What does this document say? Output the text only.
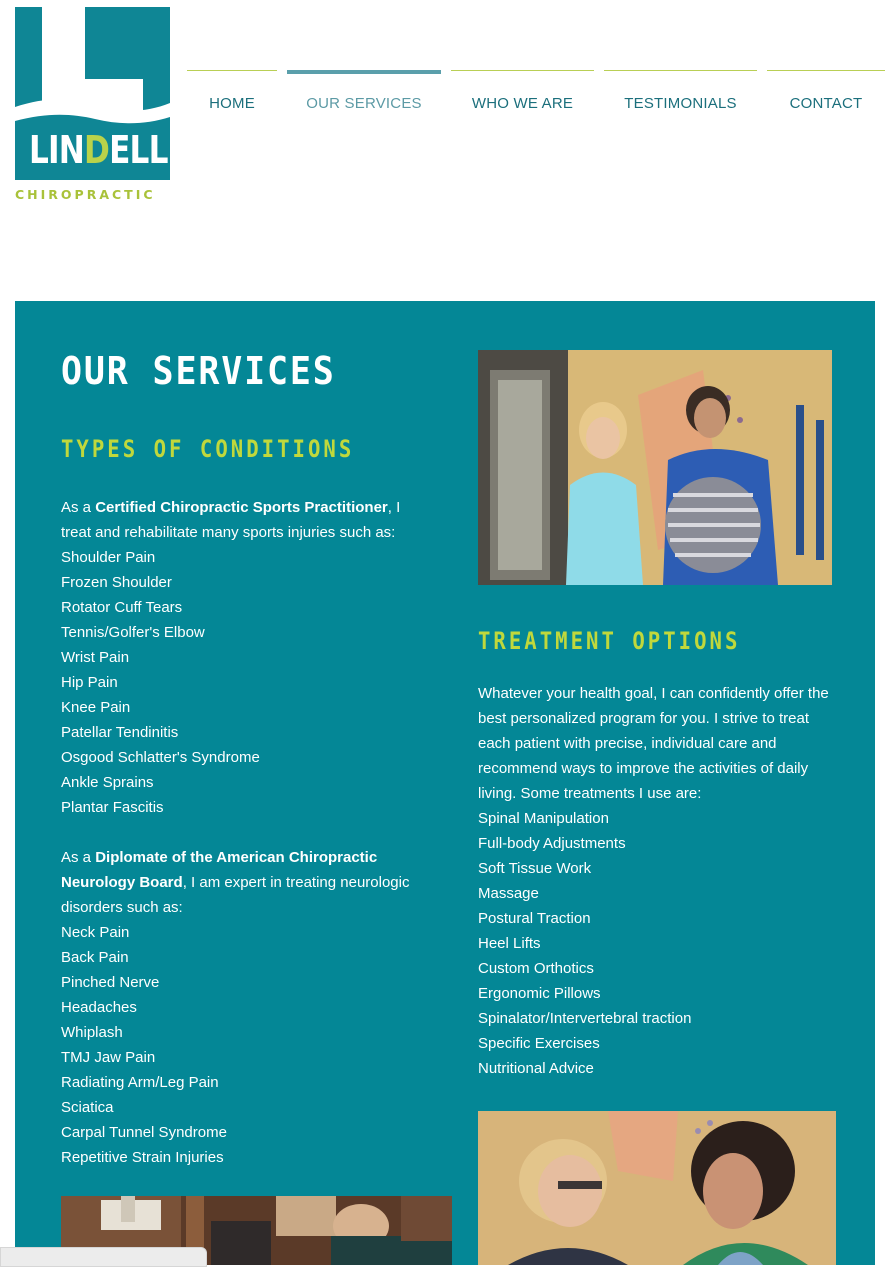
LINDELL
CHIROPRACTIC
HOME	OUR SERVICES	WHO WE ARE	TESTIMONIALS	CONTACT
OUR SERVICES
TYPES OF CONDITIONS

As a Certified Chiropractic Sports Practitioner, I treat and rehabilitate many sports injuries such as:

Shoulder Pain
Frozen Shoulder
Rotator Cuff Tears
Tennis/Golfer's Elbow
Wrist Pain
Hip Pain
Knee Pain
Patellar Tendinitis
Osgood Schlatter's Syndrome
Ankle Sprains
Plantar Fascitis

As a Diplomate of the American Chiropractic Neurology Board, I am expert in treating neurologic disorders such as:

Neck Pain
Back Pain
Pinched Nerve
Headaches
Whiplash
TMJ Jaw Pain
Radiating Arm/Leg Pain
Sciatica
Carpal Tunnel Syndrome
Repetitive Strain Injuries
TREATMENT OPTIONS

Whatever your health goal, I can confidently offer the best personalized program for you. I strive to treat each patient with precise, individual care and recommend ways to improve the activities of daily living. Some treatments I use are:

Spinal Manipulation
Full-body Adjustments
Soft Tissue Work
Massage
Postural Traction
Heel Lifts
Custom Orthotics
Ergonomic Pillows
Spinalator/Intervertebral traction
Specific Exercises
Nutritional Advice
